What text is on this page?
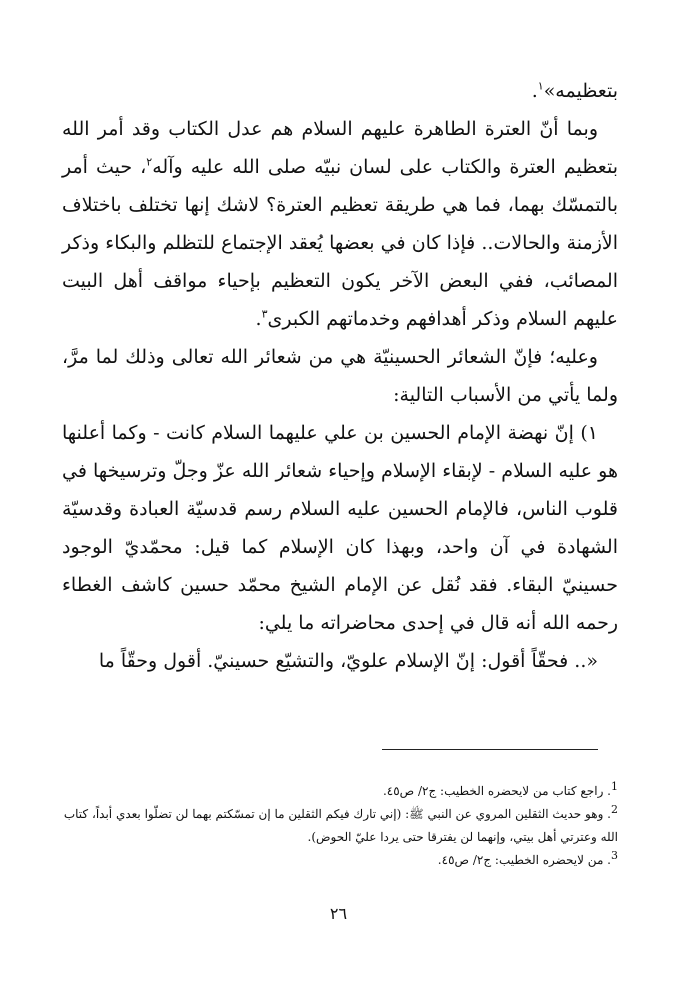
بتعظيمه»$^١$.

وبما أنّ العترة الطاهرة عليهم السلام هم عدل الكتاب وقد أمر الله بتعظيم العترة والكتاب على لسان نبيّه صلى الله عليه وآله$^٢$، حيث أمر بالتمسّك بهما، فما هي طريقة تعظيم العترة؟ لاشك إنها تختلف باختلاف الأزمنة والحالات.. فإذا كان في بعضها يُعقد الإجتماع للتظلم والبكاء وذكر المصائب، ففي البعض الآخر يكون التعظيم بإحياء مواقف أهل البيت عليهم السلام وذكر أهدافهم وخدماتهم الكبرى$^٣$.

وعليه؛ فإنّ الشعائر الحسينيّة هي من شعائر الله تعالى وذلك لما مرَّ، ولما يأتي من الأسباب التالية:

١) إنّ نهضة الإمام الحسين بن علي عليهما السلام كانت - وكما أعلنها هو عليه السلام - لإبقاء الإسلام وإحياء شعائر الله عزّ وجلّ وترسيخها في قلوب الناس، فالإمام الحسين عليه السلام رسم قدسيّة العبادة وقدسيّة الشهادة في آن واحد، وبهذا كان الإسلام كما قيل: محمّديّ الوجود حسينيّ البقاء. فقد نُقل عن الإمام الشيخ محمّد حسين كاشف الغطاء رحمه الله أنه قال في إحدى محاضراته ما يلي:

«.. فحقّاً أقول: إنّ الإسلام علويّ، والتشيّع حسينيّ. أقول وحقّاً ما

$^1$. راجع كتاب من لايحضره الخطيب: ج٢/ ص٤٥.

$^2$. وهو حديث الثقلين المروي عن النبي ﷺ: (إني تارك فيكم الثقلين ما إن تمسّكتم بهما لن تضلّوا بعدي أبداً، كتاب الله وعترتي أهل بيتي، وإنهما لن يفترقا حتى يردا عليّ الحوض).

$^3$. من لايحضره الخطيب: ج٢/ ص٤٥.

٢٦
